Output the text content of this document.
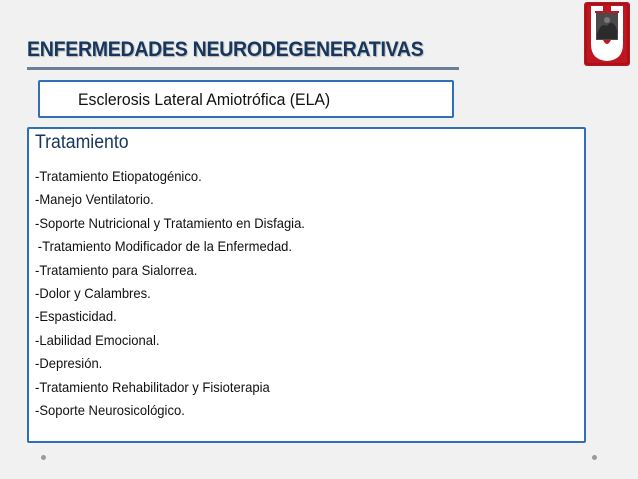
ENFERMEDADES NEURODEGENERATIVAS
Esclerosis Lateral Amiotrófica (ELA)
Tratamiento
-Tratamiento Etiopatogénico.
-Manejo Ventilatorio.
-Soporte Nutricional y Tratamiento en Disfagia.
-Tratamiento Modificador de la Enfermedad.
-Tratamiento para Sialorrea.
-Dolor y Calambres.
-Espasticidad.
-Labilidad Emocional.
-Depresión.
-Tratamiento Rehabilitador y Fisioterapia
-Soporte Neurosicológico.
